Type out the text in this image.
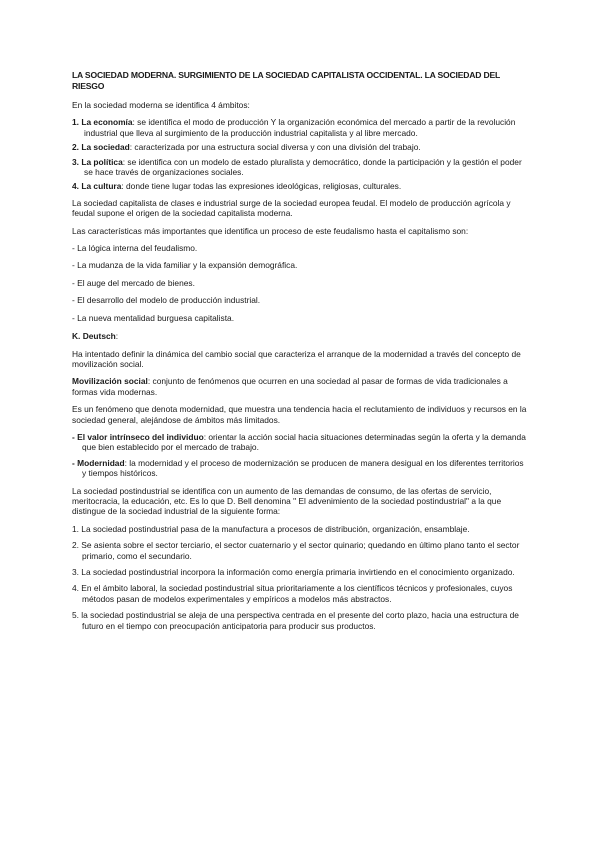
LA SOCIEDAD MODERNA. SURGIMIENTO DE LA SOCIEDAD CAPITALISTA OCCIDENTAL. LA SOCIEDAD DEL RIESGO

En la sociedad moderna se identifica 4 ámbitos:

1. La economía: se identifica el modo de producción Y la organización económica del mercado a partir de la revolución industrial que lleva al surgimiento de la producción industrial capitalista y al libre mercado.
2. La sociedad: caracterizada por una estructura social diversa y con una división del trabajo.
3. La política: se identifica con un modelo de estado pluralista y democrático, donde la participación y la gestión el poder se hace través de organizaciones sociales.
4. La cultura: donde tiene lugar todas las expresiones ideológicas, religiosas, culturales.

La sociedad capitalista de clases e industrial surge de la sociedad europea feudal. El modelo de producción agrícola y feudal supone el origen de la sociedad capitalista moderna.

Las características más importantes que identifica un proceso de este feudalismo hasta el capitalismo son:

- La lógica interna del feudalismo.
- La mudanza de la vida familiar y la expansión demográfica.
- El auge del mercado de bienes.
- El desarrollo del modelo de producción industrial.
- La nueva mentalidad burguesa capitalista.

K. Deutsch:

Ha intentado definir la dinámica del cambio social que caracteriza el arranque de la modernidad a través del concepto de movilización social.

Movilización social: conjunto de fenómenos que ocurren en una sociedad al pasar de formas de vida tradicionales a formas vida modernas.

Es un fenómeno que denota modernidad, que muestra una tendencia hacia el reclutamiento de individuos y recursos en la sociedad general, alejándose de ámbitos más limitados.

- El valor intrínseco del individuo: orientar la acción social hacia situaciones determinadas según la oferta y la demanda que bien establecido por el mercado de trabajo.
- Modernidad: la modernidad y el proceso de modernización se producen de manera desigual en los diferentes territorios y tiempos históricos.

La sociedad postindustrial se identifica con un aumento de las demandas de consumo, de las ofertas de servicio, meritocracia, la educación, etc. Es lo que D. Bell denomina " El advenimiento de la sociedad postindustrial" a la que distingue de la sociedad industrial de la siguiente forma:

1. La sociedad postindustrial pasa de la manufactura a procesos de distribución, organización, ensamblaje.
2. Se asienta sobre el sector terciario, el sector cuaternario y el sector quinario; quedando en último plano tanto el sector primario, como el secundario.
3. La sociedad postindustrial incorpora la información como energía primaria invirtiendo en el conocimiento organizado.
4. En el ámbito laboral, la sociedad postindustrial situa prioritariamente a los científicos técnicos y profesionales, cuyos métodos pasan de modelos experimentales y empíricos a modelos más abstractos.
5. la sociedad postindustrial se aleja de una perspectiva centrada en el presente del corto plazo, hacia una estructura de futuro en el tiempo con preocupación anticipatoria para producir sus productos.
